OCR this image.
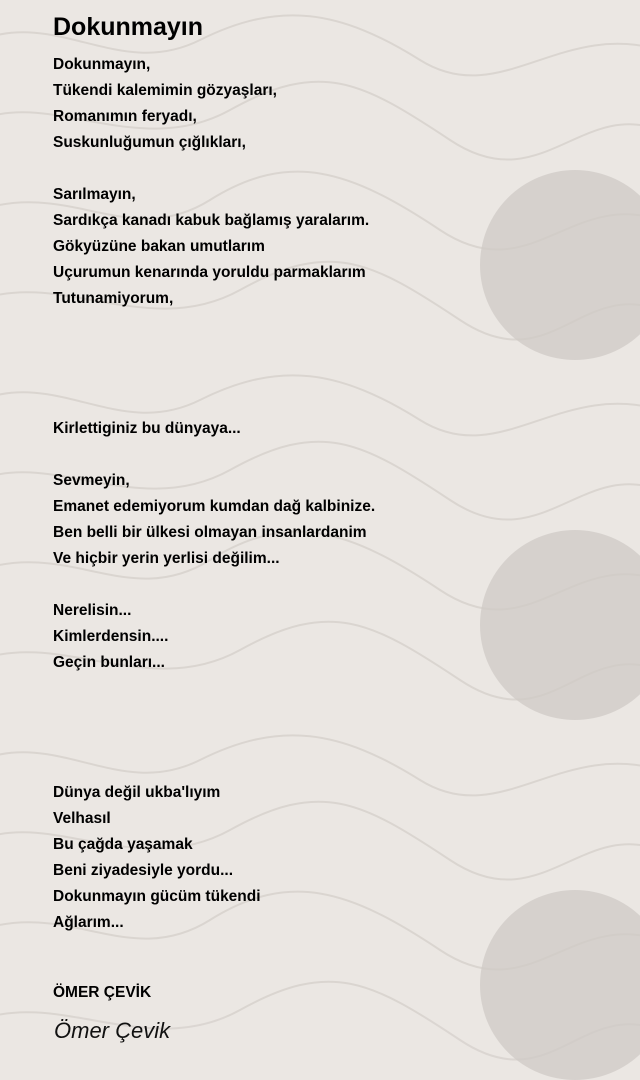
Dokunmayın
Dokunmayın,
Tükendi kalemimin gözyaşları,
Romanımın feryadı,
Suskunluğumun çığlıkları,
Sarılmayın,
Sardıkça kanadı kabuk bağlamış yaralarım.
Gökyüzüne bakan umutlarım
Uçurumun kenarında yoruldu parmaklarım
Tutunamiyorum,
Kirlettiginiz bu dünyaya...
Sevmeyin,
Emanet edemiyorum kumdan dağ kalbinize.
Ben belli bir ülkesi olmayan insanlardanim
Ve hiçbir yerin yerlisi değilim...
Nerelisin...
Kimlerdensin....
Geçin bunları...
Dünya değil ukba'lıyım
Velhasıl
Bu çağda yaşamak
Beni ziyadesiyle yordu...
Dokunmayın gücüm tükendi
Ağlarım...
ÖMER ÇEVİK
Ömer Çevik
